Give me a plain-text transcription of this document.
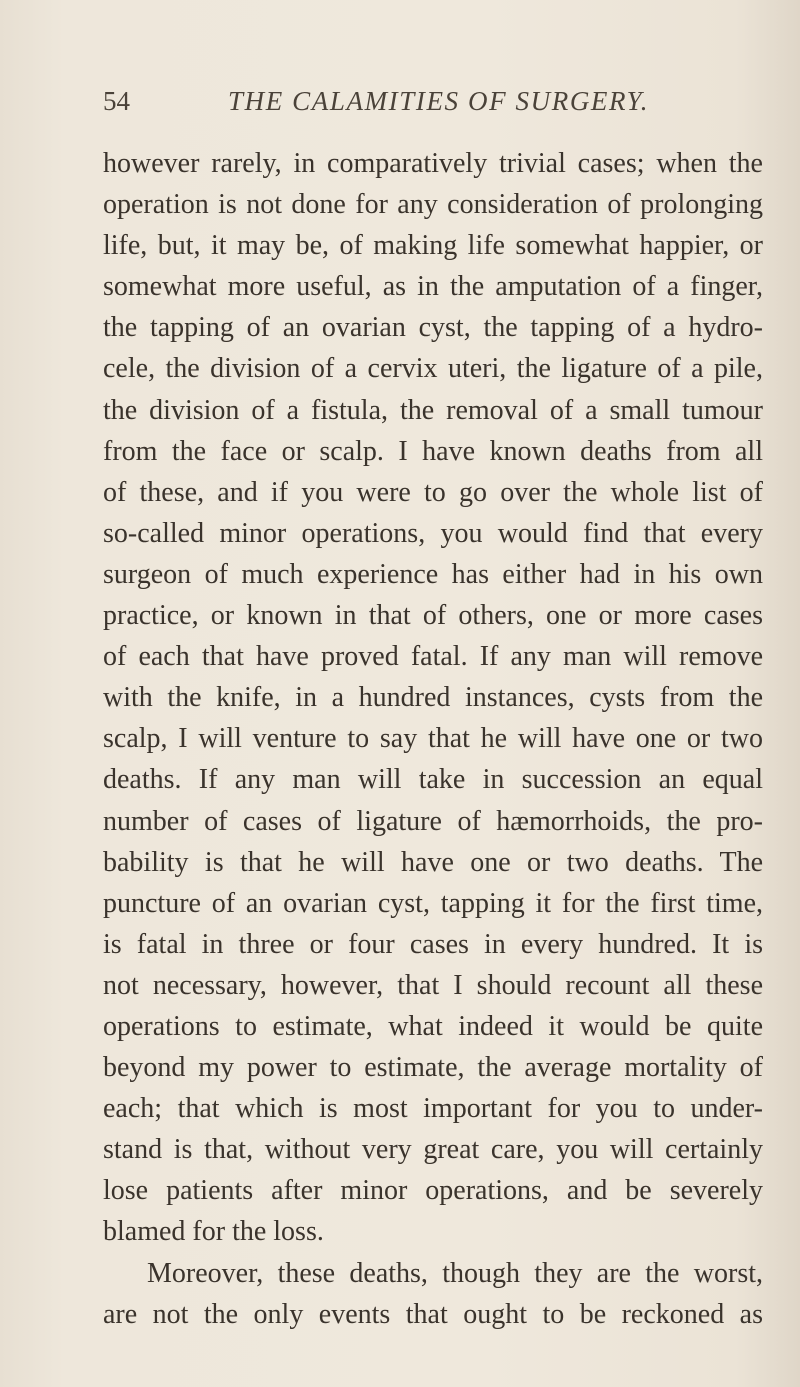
54	THE CALAMITIES OF SURGERY.
however rarely, in comparatively trivial cases; when the
operation is not done for any consideration of prolonging
life, but, it may be, of making life somewhat happier, or
somewhat more useful, as in the amputation of a finger,
the tapping of an ovarian cyst, the tapping of a hydro-
cele, the division of a cervix uteri, the ligature of a pile,
the division of a fistula, the removal of a small tumour
from the face or scalp. I have known deaths from all
of these, and if you were to go over the whole list of
so-called minor operations, you would find that every
surgeon of much experience has either had in his own
practice, or known in that of others, one or more cases
of each that have proved fatal. If any man will remove
with the knife, in a hundred instances, cysts from the
scalp, I will venture to say that he will have one or two
deaths. If any man will take in succession an equal
number of cases of ligature of hæmorrhoids, the pro-
bability is that he will have one or two deaths. The
puncture of an ovarian cyst, tapping it for the first time,
is fatal in three or four cases in every hundred. It is
not necessary, however, that I should recount all these
operations to estimate, what indeed it would be quite
beyond my power to estimate, the average mortality of
each; that which is most important for you to under-
stand is that, without very great care, you will certainly
lose patients after minor operations, and be severely
blamed for the loss.
Moreover, these deaths, though they are the worst,
are not the only events that ought to be reckoned as
